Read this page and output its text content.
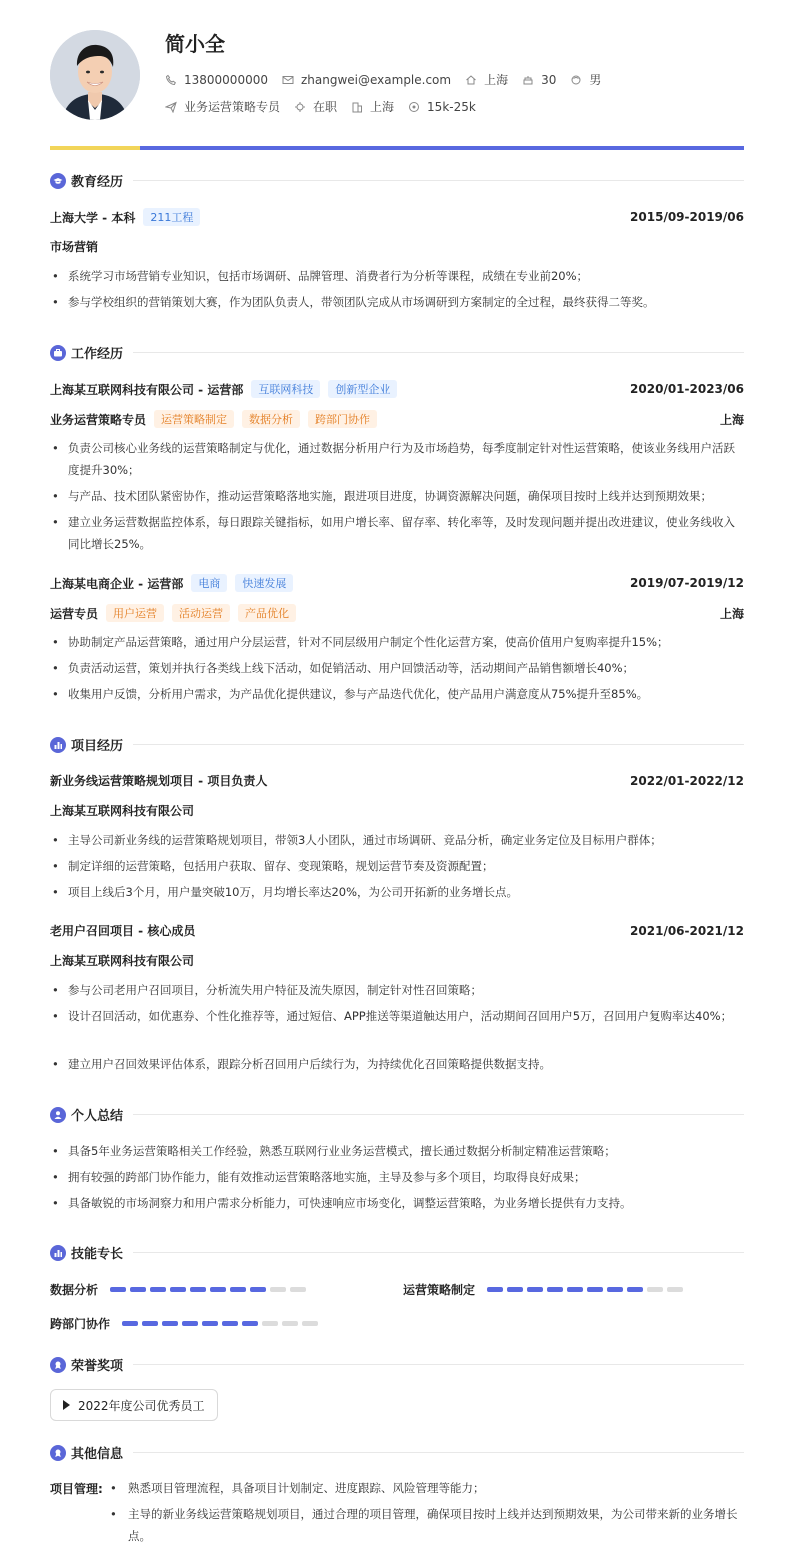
简小全
13800000000	zhangwei@example.com	上海	30	男
业务运营策略专员	在职	上海	15k-25k
教育经历
上海大学 - 本科	211工程	2015/09-2019/06
市场营销
• 系统学习市场营销专业知识，包括市场调研、品牌管理、消费者行为分析等课程，成绩在专业前20%；
• 参与学校组织的营销策划大赛，作为团队负责人，带领团队完成从市场调研到方案制定的全过程，最终获得二等奖。
工作经历
上海某互联网科技有限公司 - 运营部	互联网科技	创新型企业	2020/01-2023/06
业务运营策略专员	运营策略制定	数据分析	跨部门协作	上海
• 负责公司核心业务线的运营策略制定与优化，通过数据分析用户行为及市场趋势，每季度制定针对性运营策略，使该业务线用户活跃度提升30%；
• 与产品、技术团队紧密协作，推动运营策略落地实施，跟进项目进度，协调资源解决问题，确保项目按时上线并达到预期效果；
• 建立业务运营数据监控体系，每日跟踪关键指标，如用户增长率、留存率、转化率等，及时发现问题并提出改进建议，使业务线收入同比增长25%。
上海某电商企业 - 运营部	电商	快速发展	2019/07-2019/12
运营专员	用户运营	活动运营	产品优化	上海
• 协助制定产品运营策略，通过用户分层运营，针对不同层级用户制定个性化运营方案，使高价值用户复购率提升15%；
• 负责活动运营，策划并执行各类线上线下活动，如促销活动、用户回馈活动等，活动期间产品销售额增长40%；
• 收集用户反馈，分析用户需求，为产品优化提供建议，参与产品迭代优化，使产品用户满意度从75%提升至85%。
项目经历
新业务线运营策略规划项目 - 项目负责人	2022/01-2022/12
上海某互联网科技有限公司
• 主导公司新业务线的运营策略规划项目，带领3人小团队，通过市场调研、竞品分析，确定业务定位及目标用户群体；
• 制定详细的运营策略，包括用户获取、留存、变现策略，规划运营节奏及资源配置；
• 项目上线后3个月，用户量突破10万，月均增长率达20%，为公司开拓新的业务增长点。
老用户召回项目 - 核心成员	2021/06-2021/12
上海某互联网科技有限公司
• 参与公司老用户召回项目，分析流失用户特征及流失原因，制定针对性召回策略；
• 设计召回活动，如优惠券、个性化推荐等，通过短信、APP推送等渠道触达用户，活动期间召回用户5万，召回用户复购率达40%；
• 建立用户召回效果评估体系，跟踪分析召回用户后续行为，为持续优化召回策略提供数据支持。
个人总结
• 具备5年业务运营策略相关工作经验，熟悉互联网行业业务运营模式，擅长通过数据分析制定精准运营策略；
• 拥有较强的跨部门协作能力，能有效推动运营策略落地实施，主导及参与多个项目，均取得良好成果；
• 具备敏锐的市场洞察力和用户需求分析能力，可快速响应市场变化，调整运营策略，为业务增长提供有力支持。
技能专长
数据分析	运营策略制定
跨部门协作
荣誉奖项
2022年度公司优秀员工
其他信息
项目管理: • 熟悉项目管理流程，具备项目计划制定、进度跟踪、风险管理等能力；
• 主导的新业务线运营策略规划项目，通过合理的项目管理，确保项目按时上线并达到预期效果，为公司带来新的业务增长点。
